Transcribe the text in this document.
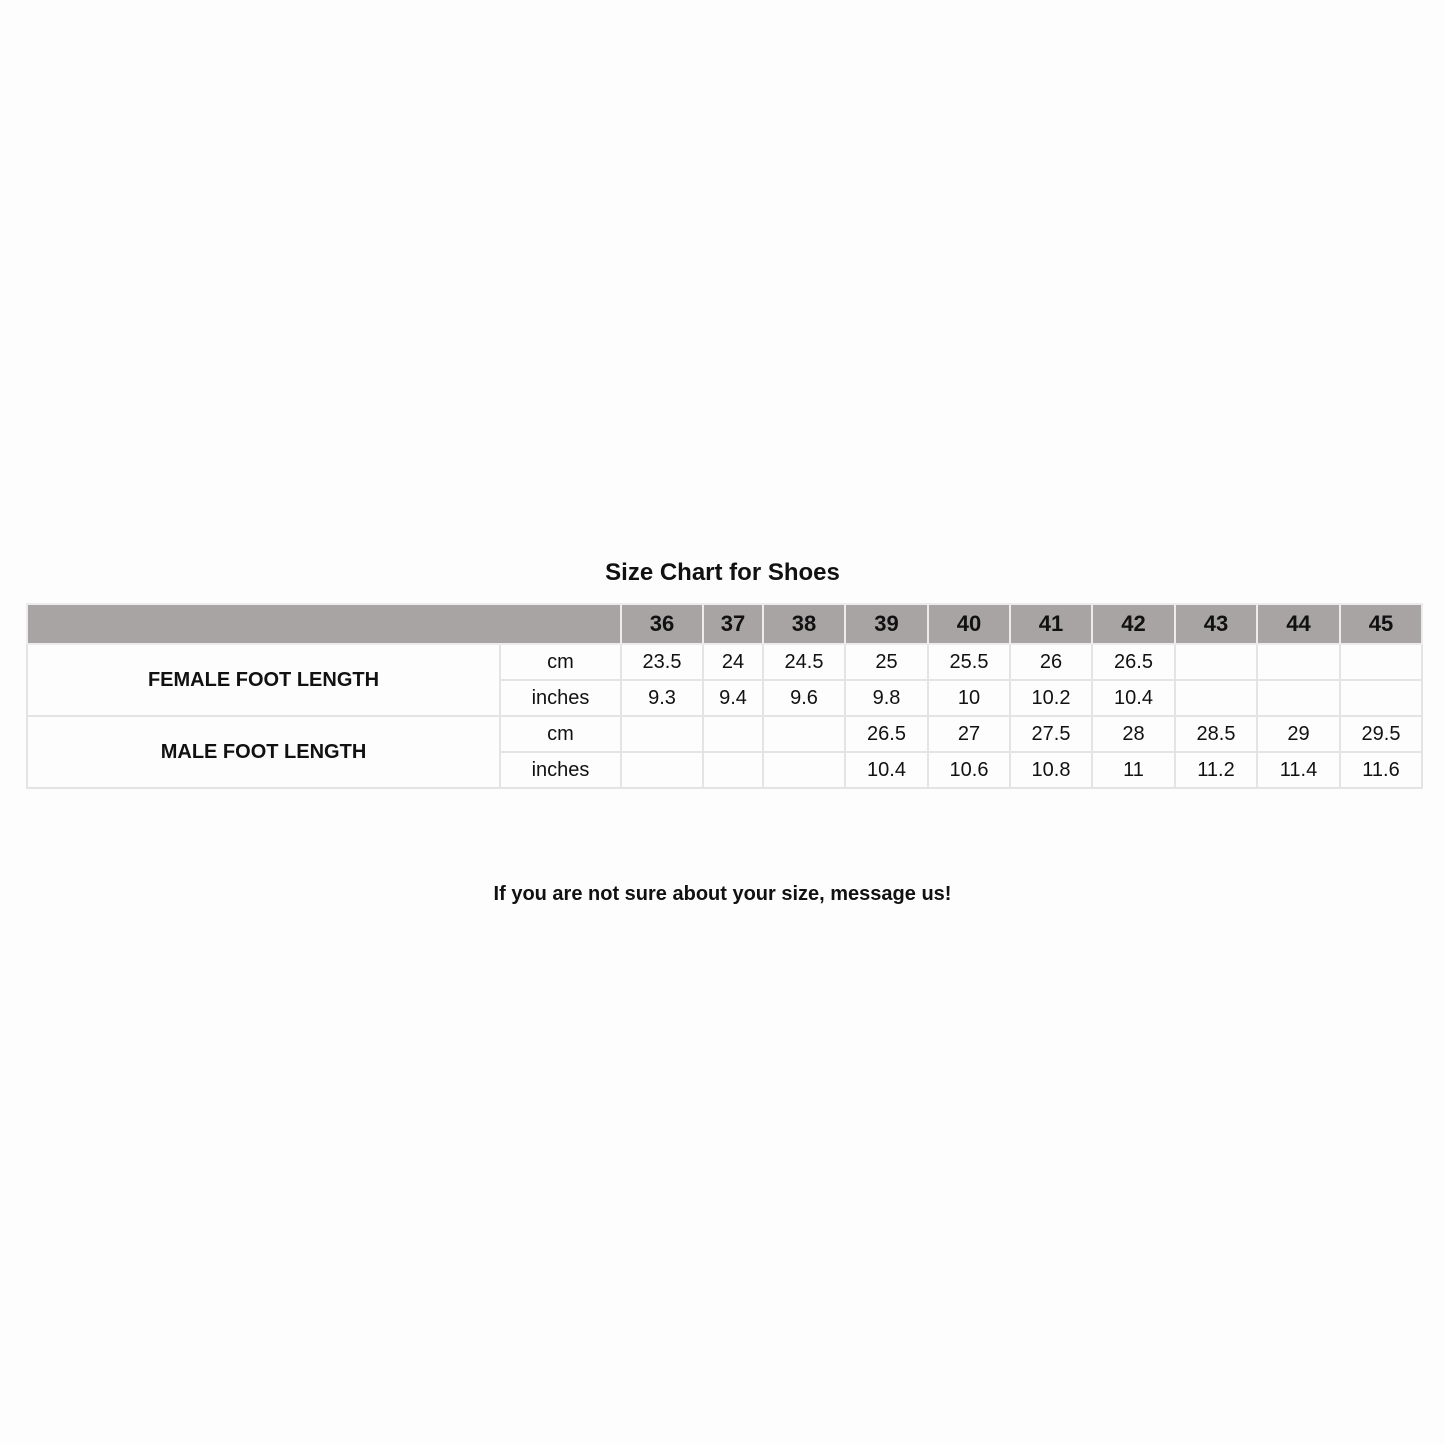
Size Chart for Shoes
		36	37	38	39	40	41	42	43	44	45
FEMALE FOOT LENGTH	cm	23.5	24	24.5	25	25.5	26	26.5			
	inches	9.3	9.4	9.6	9.8	10	10.2	10.4			
MALE FOOT LENGTH	cm				26.5	27	27.5	28	28.5	29	29.5
	inches				10.4	10.6	10.8	11	11.2	11.4	11.6
If you are not sure about your size, message us!
